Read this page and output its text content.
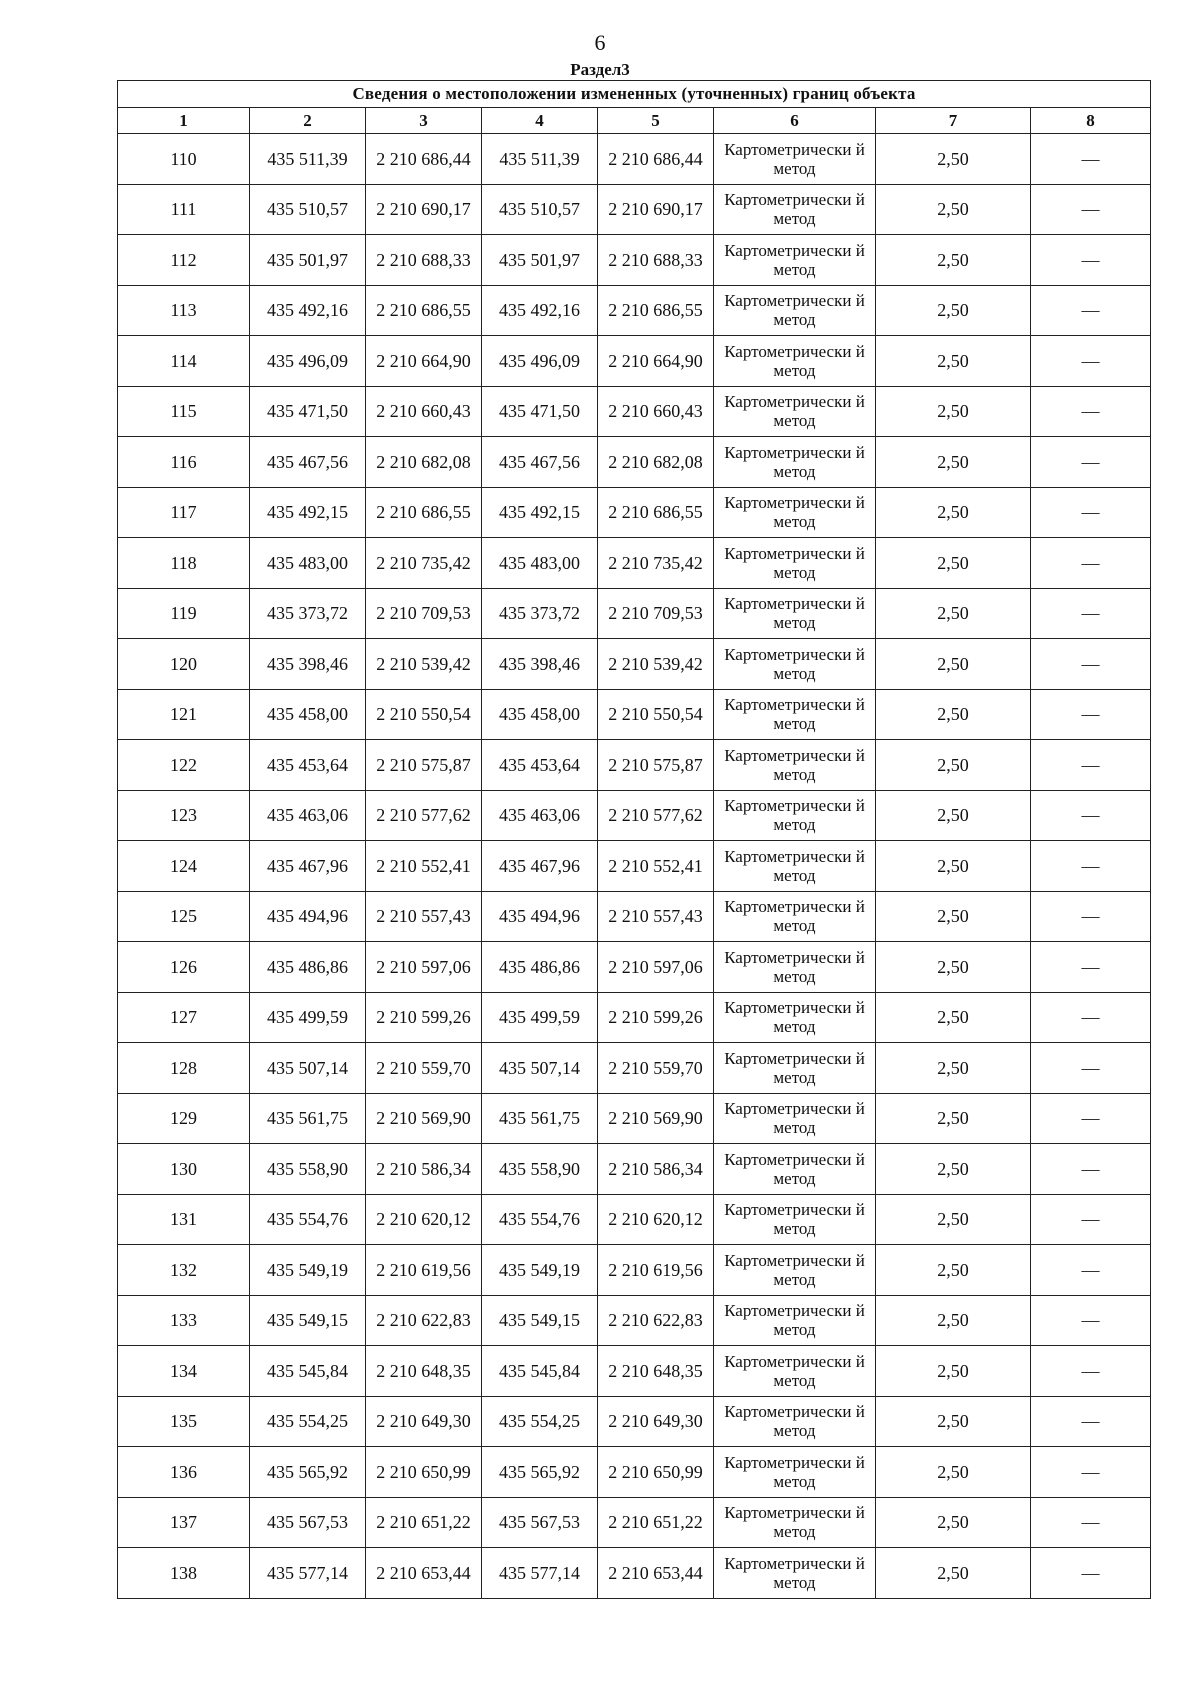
6
Раздел3
Сведения о местоположении измененных (уточненных) границ объекта							
1	2	3	4	5	6	7	8
110	435 511,39	2 210 686,44	435 511,39	2 210 686,44	Картометрически й метод	2,50	—
111	435 510,57	2 210 690,17	435 510,57	2 210 690,17	Картометрически й метод	2,50	—
112	435 501,97	2 210 688,33	435 501,97	2 210 688,33	Картометрически й метод	2,50	—
113	435 492,16	2 210 686,55	435 492,16	2 210 686,55	Картометрически й метод	2,50	—
114	435 496,09	2 210 664,90	435 496,09	2 210 664,90	Картометрически й метод	2,50	—
115	435 471,50	2 210 660,43	435 471,50	2 210 660,43	Картометрически й метод	2,50	—
116	435 467,56	2 210 682,08	435 467,56	2 210 682,08	Картометрически й метод	2,50	—
117	435 492,15	2 210 686,55	435 492,15	2 210 686,55	Картометрически й метод	2,50	—
118	435 483,00	2 210 735,42	435 483,00	2 210 735,42	Картометрически й метод	2,50	—
119	435 373,72	2 210 709,53	435 373,72	2 210 709,53	Картометрически й метод	2,50	—
120	435 398,46	2 210 539,42	435 398,46	2 210 539,42	Картометрически й метод	2,50	—
121	435 458,00	2 210 550,54	435 458,00	2 210 550,54	Картометрически й метод	2,50	—
122	435 453,64	2 210 575,87	435 453,64	2 210 575,87	Картометрически й метод	2,50	—
123	435 463,06	2 210 577,62	435 463,06	2 210 577,62	Картометрически й метод	2,50	—
124	435 467,96	2 210 552,41	435 467,96	2 210 552,41	Картометрически й метод	2,50	—
125	435 494,96	2 210 557,43	435 494,96	2 210 557,43	Картометрически й метод	2,50	—
126	435 486,86	2 210 597,06	435 486,86	2 210 597,06	Картометрически й метод	2,50	—
127	435 499,59	2 210 599,26	435 499,59	2 210 599,26	Картометрически й метод	2,50	—
128	435 507,14	2 210 559,70	435 507,14	2 210 559,70	Картометрически й метод	2,50	—
129	435 561,75	2 210 569,90	435 561,75	2 210 569,90	Картометрически й метод	2,50	—
130	435 558,90	2 210 586,34	435 558,90	2 210 586,34	Картометрически й метод	2,50	—
131	435 554,76	2 210 620,12	435 554,76	2 210 620,12	Картометрически й метод	2,50	—
132	435 549,19	2 210 619,56	435 549,19	2 210 619,56	Картометрически й метод	2,50	—
133	435 549,15	2 210 622,83	435 549,15	2 210 622,83	Картометрически й метод	2,50	—
134	435 545,84	2 210 648,35	435 545,84	2 210 648,35	Картометрически й метод	2,50	—
135	435 554,25	2 210 649,30	435 554,25	2 210 649,30	Картометрически й метод	2,50	—
136	435 565,92	2 210 650,99	435 565,92	2 210 650,99	Картометрически й метод	2,50	—
137	435 567,53	2 210 651,22	435 567,53	2 210 651,22	Картометрически й метод	2,50	—
138	435 577,14	2 210 653,44	435 577,14	2 210 653,44	Картометрически й метод	2,50	—
